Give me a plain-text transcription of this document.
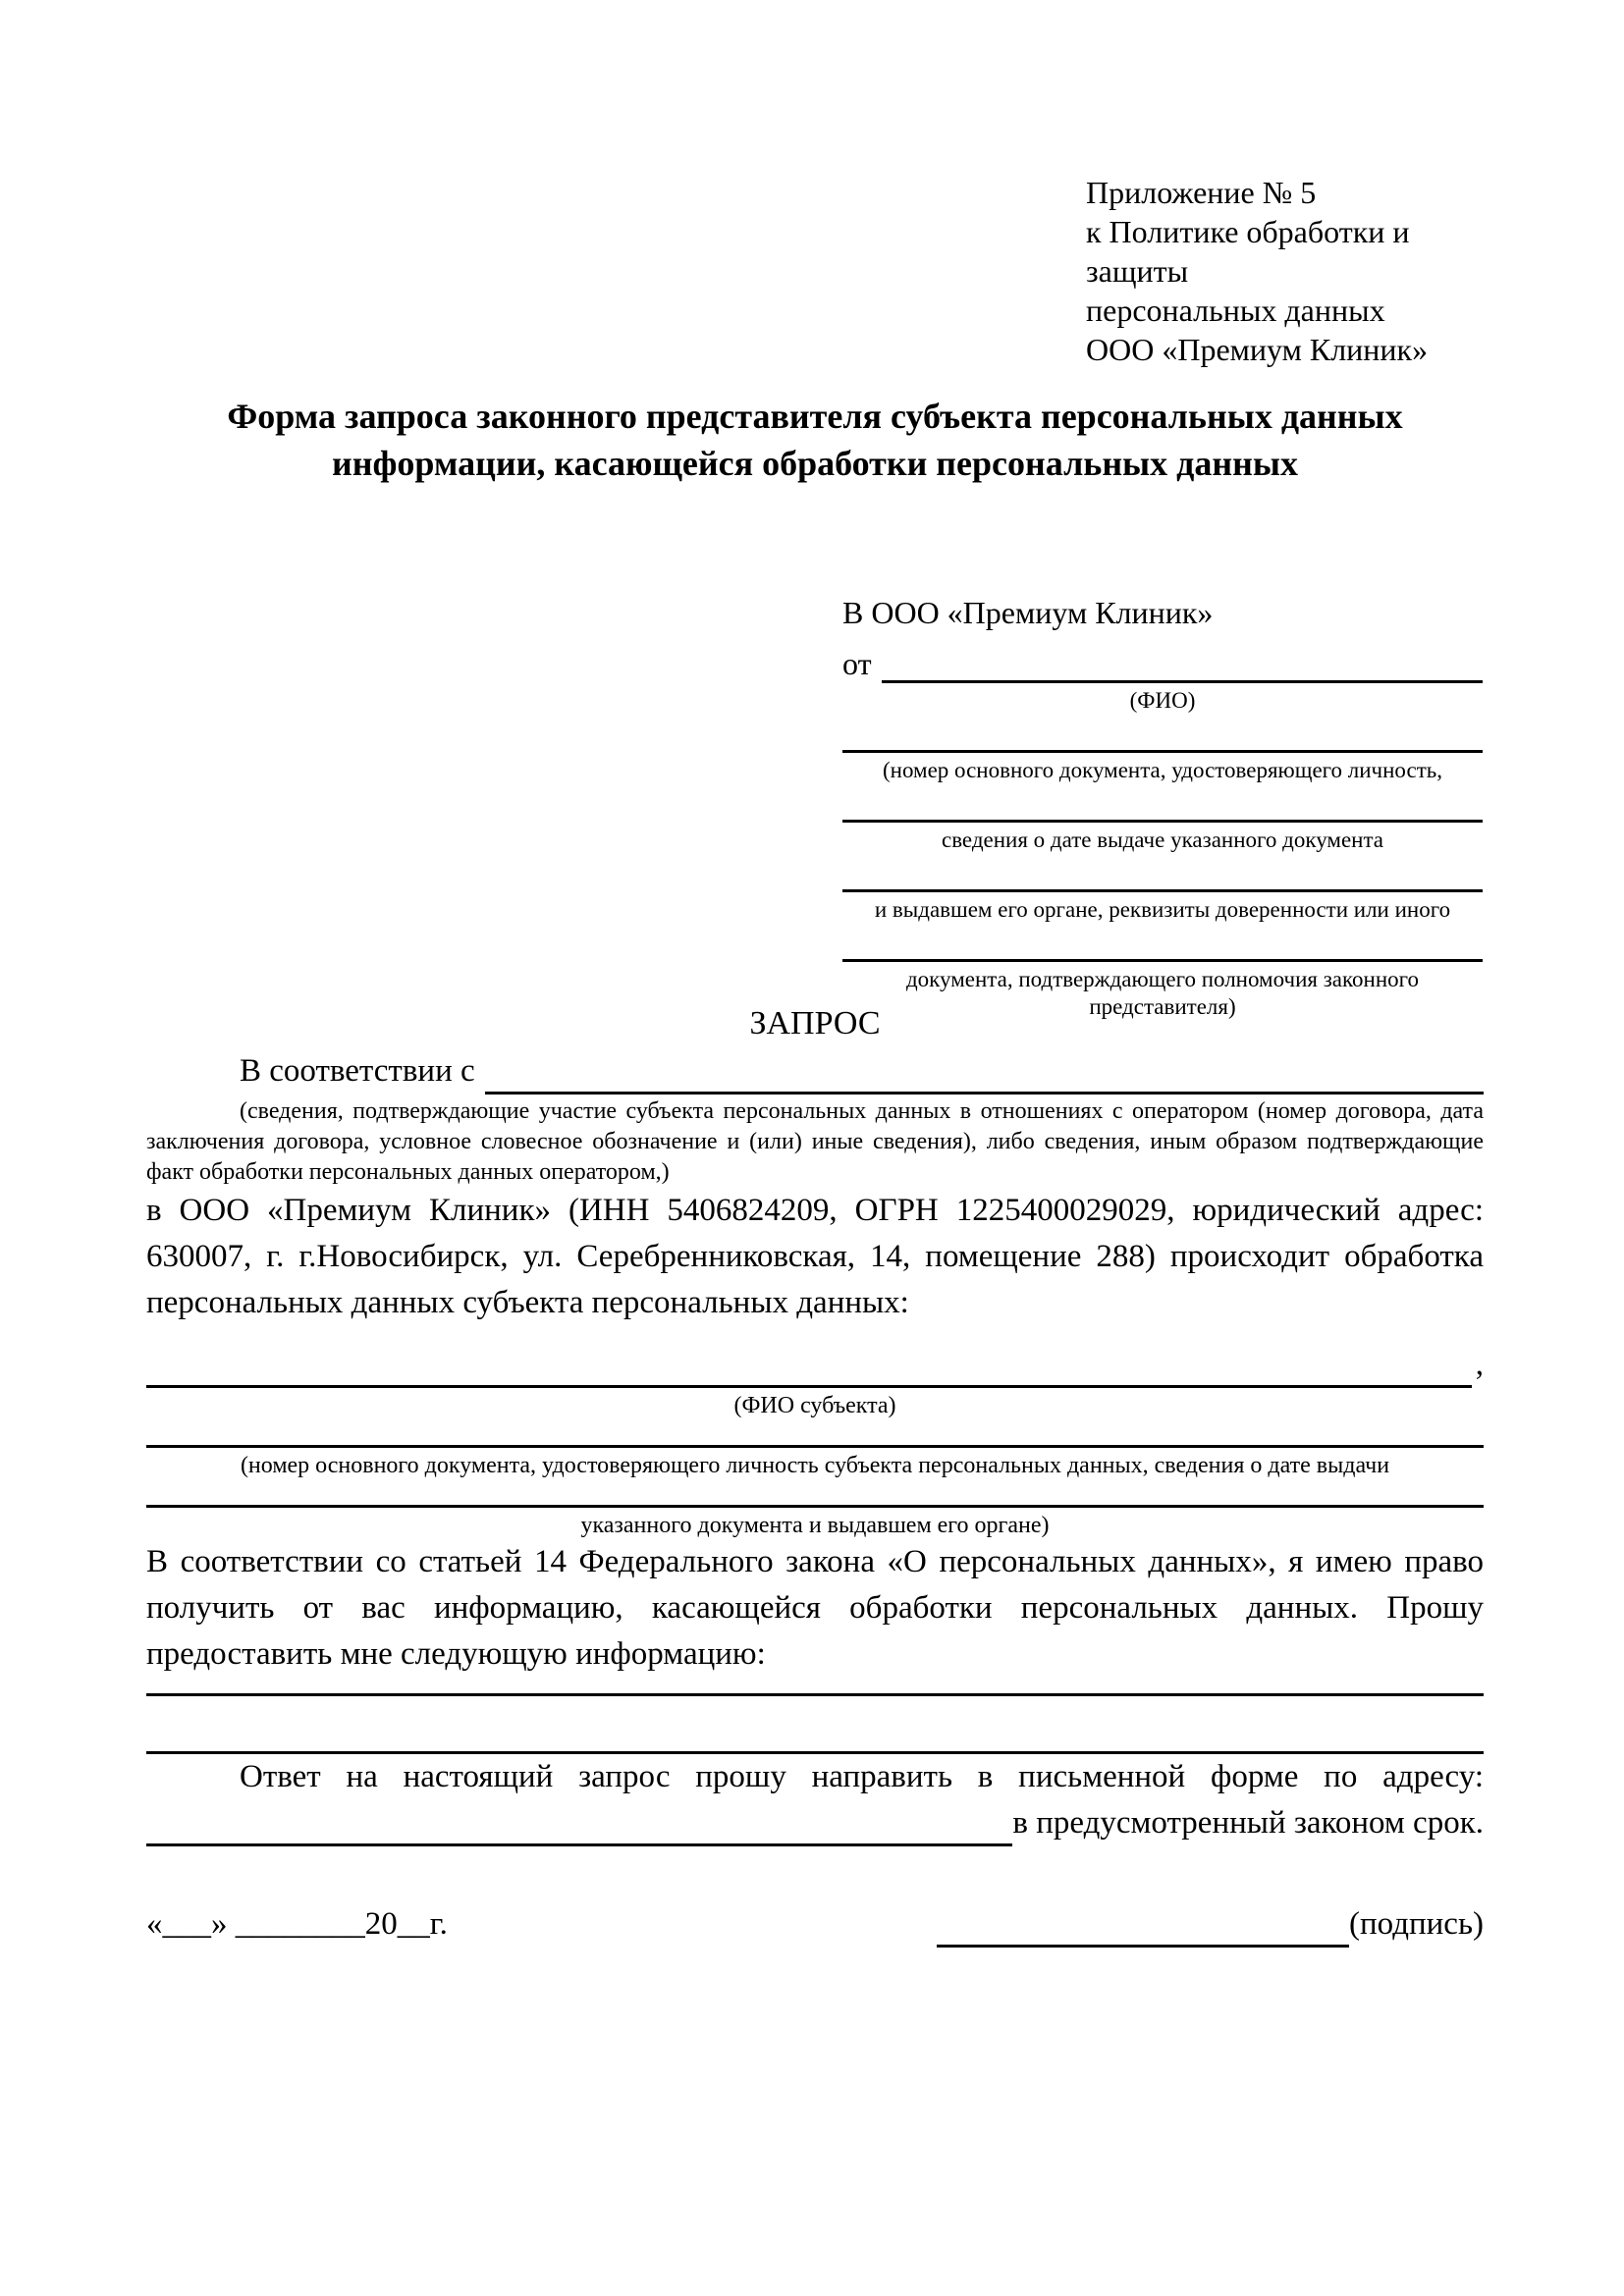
Приложение № 5
к Политике обработки и защиты
персональных данных
ООО «Премиум Клиник»
Форма запроса законного представителя субъекта персональных данных информации, касающейся обработки персональных данных
В ООО «Премиум Клиник»
от
(ФИО)
(номер основного документа, удостоверяющего личность,
сведения о дате выдаче указанного документа
и выдавшем его органе, реквизиты доверенности или иного
документа, подтверждающего полномочия законного представителя)
ЗАПРОС
В соответствии с
(сведения, подтверждающие участие субъекта персональных данных в отношениях с оператором (номер договора, дата заключения договора, условное словесное обозначение и (или) иные сведения), либо сведения, иным образом подтверждающие факт обработки персональных данных оператором,)

в ООО «Премиум Клиник» (ИНН 5406824209, ОГРН 1225400029029, юридический адрес: 630007, г. г.Новосибирск, ул. Серебренниковская, 14, помещение 288) происходит обработка персональных данных субъекта персональных данных:

,
(ФИО субъекта)
(номер основного документа, удостоверяющего личность субъекта персональных данных, сведения о дате выдачи
указанного документа и выдавшем его органе)

В соответствии со статьей 14 Федерального закона «О персональных данных», я имею право получить от вас информацию, касающейся обработки персональных данных. Прошу предоставить мне следующую информацию:

Ответ на настоящий запрос прошу направить в письменной форме по адресу:

в предусмотренный законом срок.
«___» ________20__г.	(подпись)
